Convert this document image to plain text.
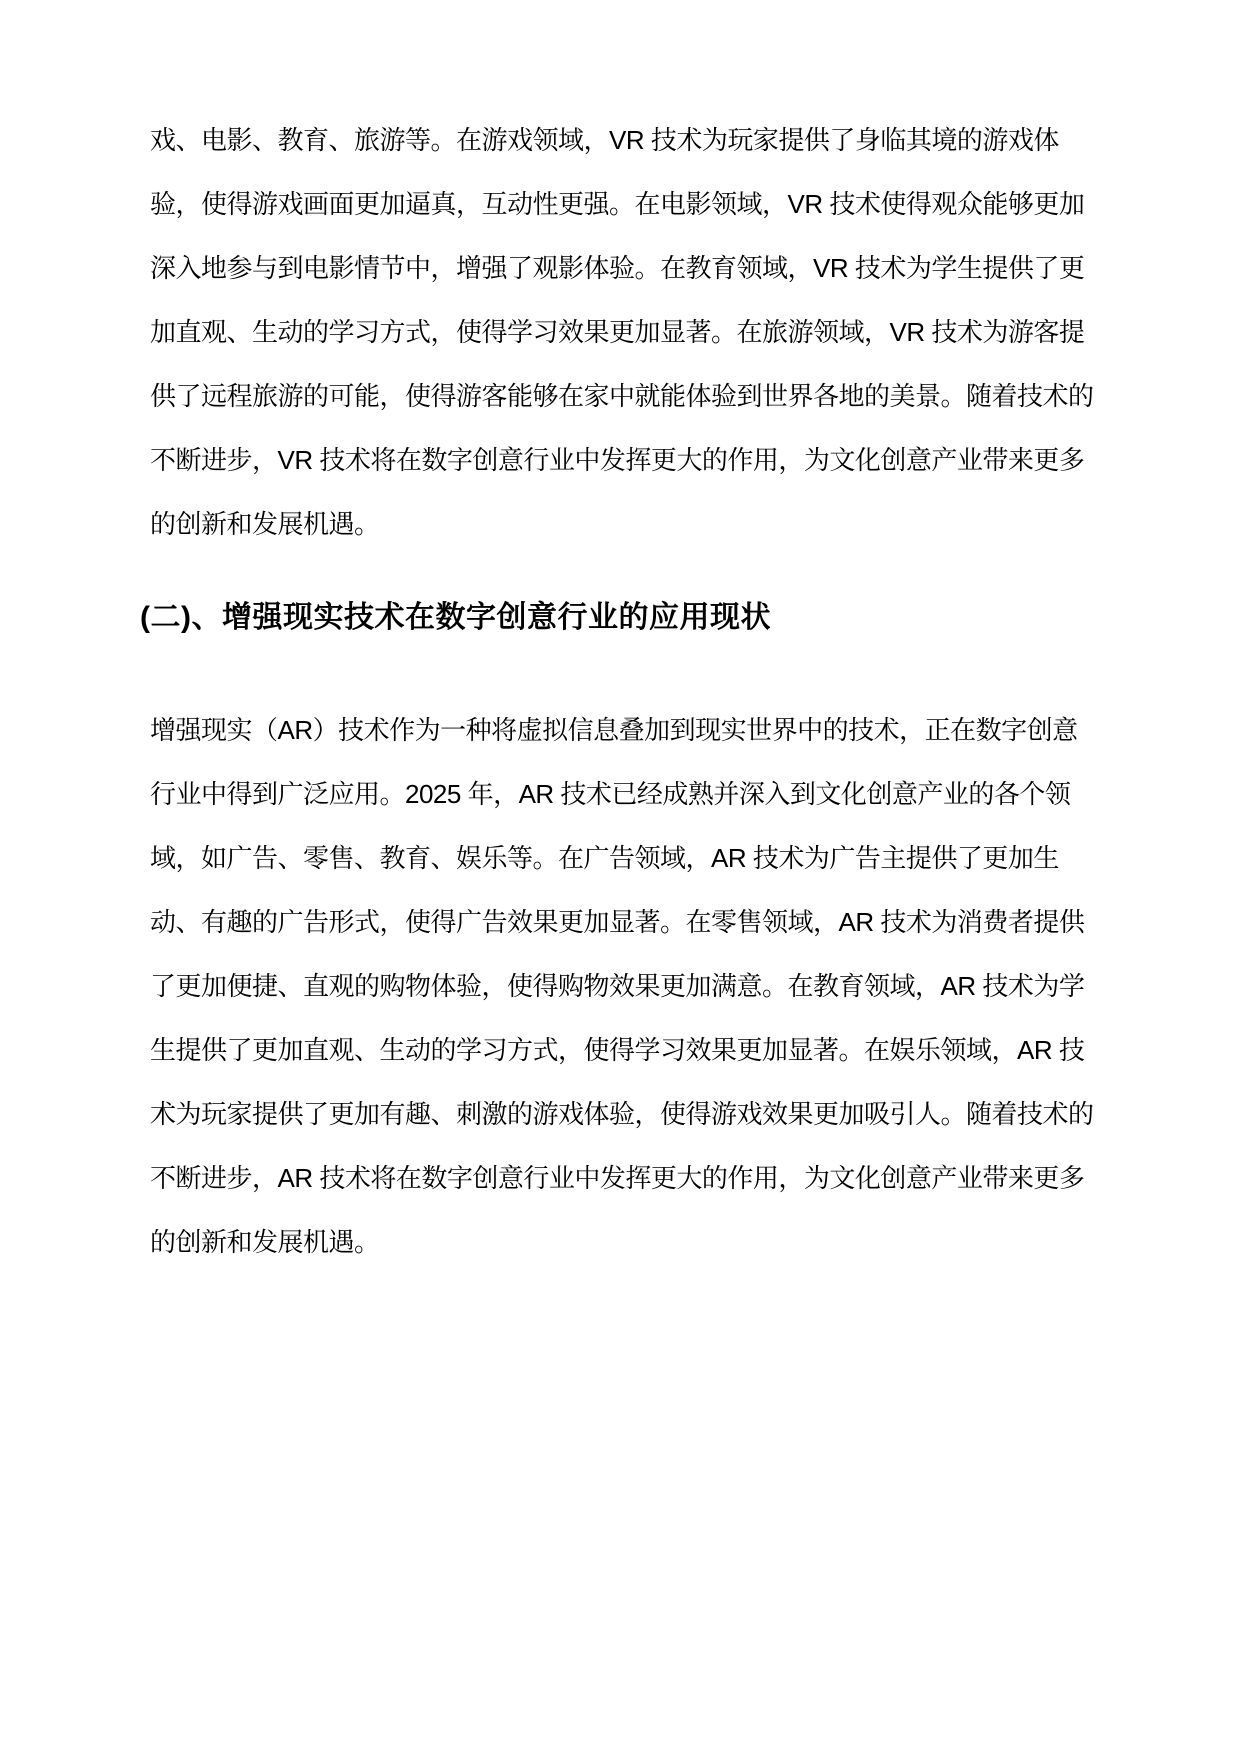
戏、电影、教育、旅游等。在游戏领域，VR 技术为玩家提供了身临其境的游戏体
验，使得游戏画面更加逼真，互动性更强。在电影领域，VR 技术使得观众能够更加
深入地参与到电影情节中，增强了观影体验。在教育领域，VR 技术为学生提供了更
加直观、生动的学习方式，使得学习效果更加显著。在旅游领域，VR 技术为游客提
供了远程旅游的可能，使得游客能够在家中就能体验到世界各地的美景。随着技术的
不断进步，VR 技术将在数字创意行业中发挥更大的作用，为文化创意产业带来更多
的创新和发展机遇。
(二)、增强现实技术在数字创意行业的应用现状
增强现实（AR）技术作为一种将虚拟信息叠加到现实世界中的技术，正在数字创意
行业中得到广泛应用。2025 年，AR 技术已经成熟并深入到文化创意产业的各个领
域，如广告、零售、教育、娱乐等。在广告领域，AR 技术为广告主提供了更加生
动、有趣的广告形式，使得广告效果更加显著。在零售领域，AR 技术为消费者提供
了更加便捷、直观的购物体验，使得购物效果更加满意。在教育领域，AR 技术为学
生提供了更加直观、生动的学习方式，使得学习效果更加显著。在娱乐领域，AR 技
术为玩家提供了更加有趣、刺激的游戏体验，使得游戏效果更加吸引人。随着技术的
不断进步，AR 技术将在数字创意行业中发挥更大的作用，为文化创意产业带来更多
的创新和发展机遇。
